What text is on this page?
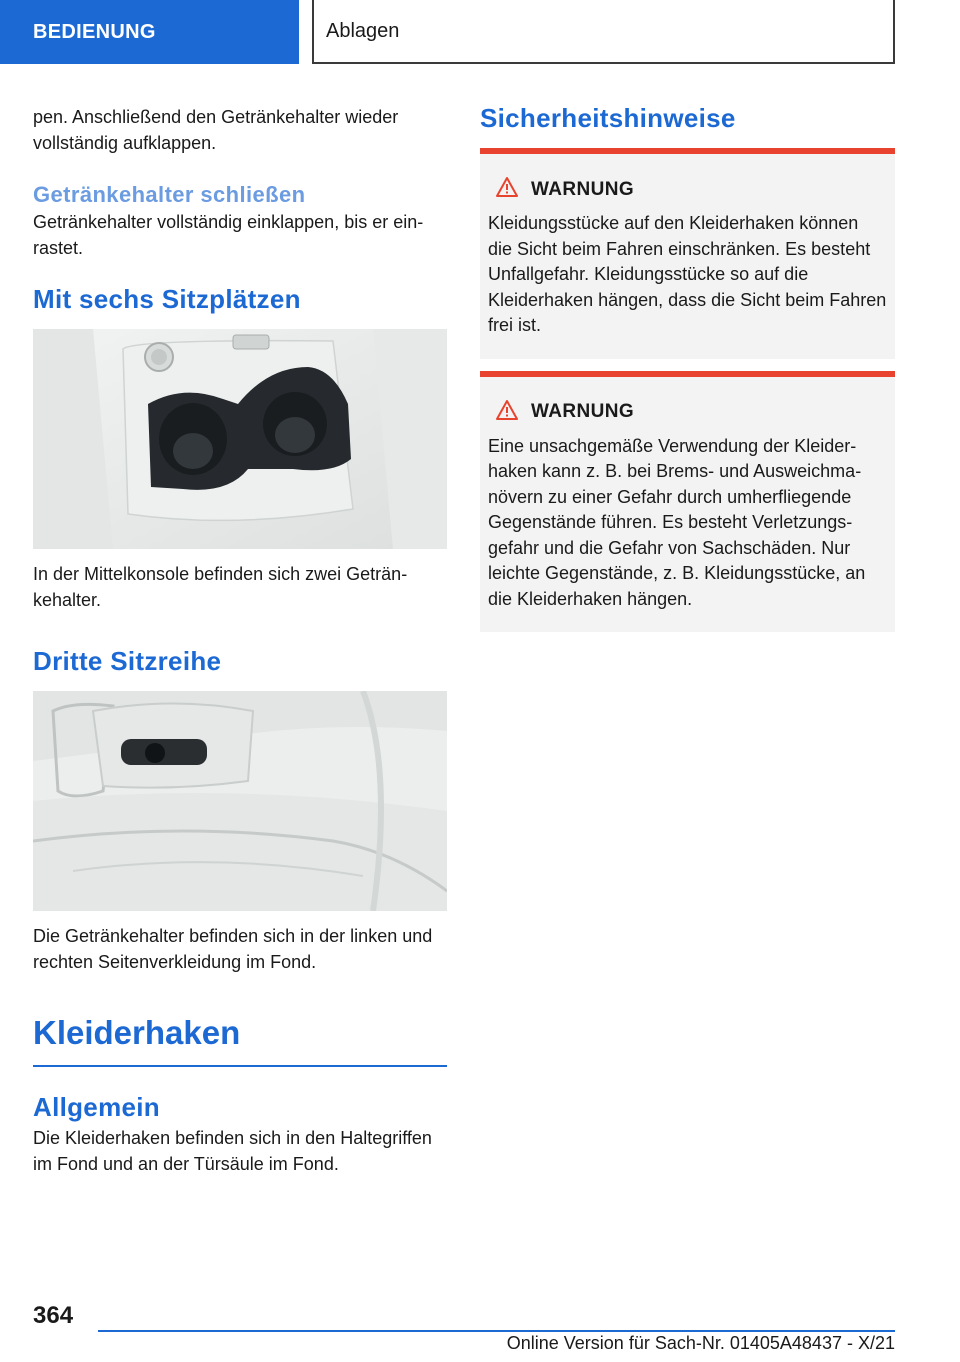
BEDIENUNG	Ablagen

pen. Anschließend den Getränkehalter wieder vollständig aufklappen.

Getränkehalter schließen

Getränkehalter vollständig einklappen, bis er einrastet.

Mit sechs Sitzplätzen

In der Mittelkonsole befinden sich zwei Getränkehalter.

Dritte Sitzreihe

Die Getränkehalter befinden sich in der linken und rechten Seitenverkleidung im Fond.

Kleiderhaken
Allgemein

Die Kleiderhaken befinden sich in den Haltegriffen im Fond und an der Türsäule im Fond.

Sicherheitshinweise
WARNUNG
Kleidungsstücke auf den Kleiderhaken können die Sicht beim Fahren einschränken. Es besteht Unfallgefahr. Kleidungsstücke so auf die Kleiderhaken hängen, dass die Sicht beim Fahren frei ist.
WARNUNG
Eine unsachgemäße Verwendung der Kleiderhaken kann z. B. bei Brems- und Ausweichmanövern zu einer Gefahr durch umherfliegende Gegenstände führen. Es besteht Verletzungsgefahr und die Gefahr von Sachschäden. Nur leichte Gegenstände, z. B. Kleidungsstücke, an die Kleiderhaken hängen.
364
Online Version für Sach-Nr. 01405A48437 - X/21
